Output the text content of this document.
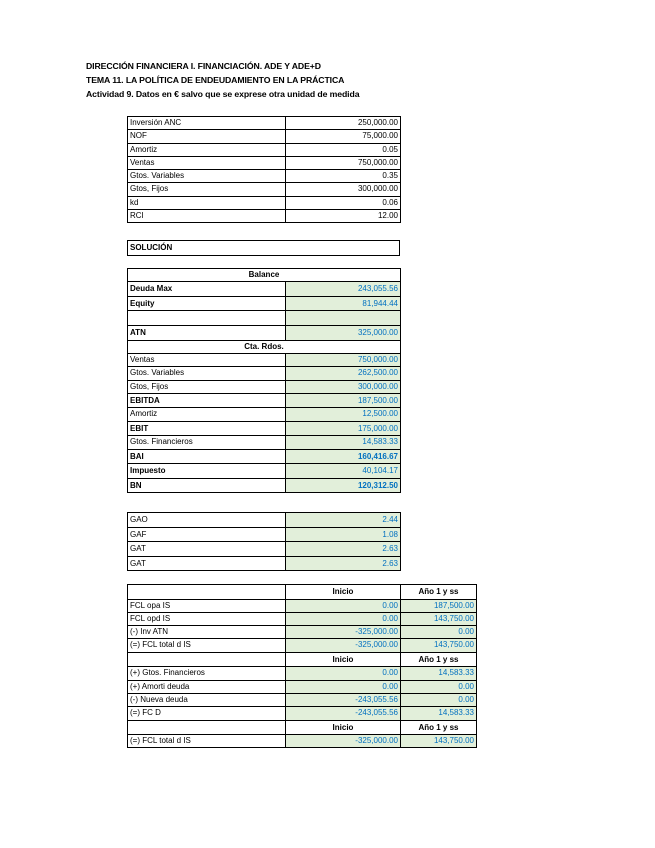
DIRECCIÓN FINANCIERA I. FINANCIACIÓN. ADE Y ADE+D
TEMA 11. LA POLÍTICA DE ENDEUDAMIENTO EN LA PRÁCTICA
Actividad 9. Datos en € salvo que se exprese otra unidad de medida
Inversión ANC	250,000.00
NOF	75,000.00
Amortiz	0.05
Ventas	750,000.00
Gtos. Variables	0.35
Gtos, Fijos	300,000.00
kd	0.06
RCI	12.00
SOLUCIÓN
Balance	
Deuda Max	243,055.56
Equity	81,944.44

ATN	325,000.00
Cta. Rdos.	
Ventas	750,000.00
Gtos. Variables	262,500.00
Gtos, Fijos	300,000.00
EBITDA	187,500.00
Amortiz	12,500.00
EBIT	175,000.00
Gtos. Financieros	14,583.33
BAI	160,416.67
Impuesto	40,104.17
BN	120,312.50
GAO	2.44
GAF	1.08
GAT	2.63
GAT	2.63
	Inicio	Año 1 y ss
FCL opa IS	0.00	187,500.00
FCL opd IS	0.00	143,750.00
(-) Inv ATN	-325,000.00	0.00
(=) FCL total d IS	-325,000.00	143,750.00
	Inicio	Año 1 y ss
(+) Gtos. Financieros	0.00	14,583.33
(+) Amorti deuda	0.00	0.00
(-) Nueva deuda	-243,055.56	0.00
(=) FC D	-243,055.56	14,583.33
	Inicio	Año 1 y ss
(=) FCL total d IS	-325,000.00	143,750.00
